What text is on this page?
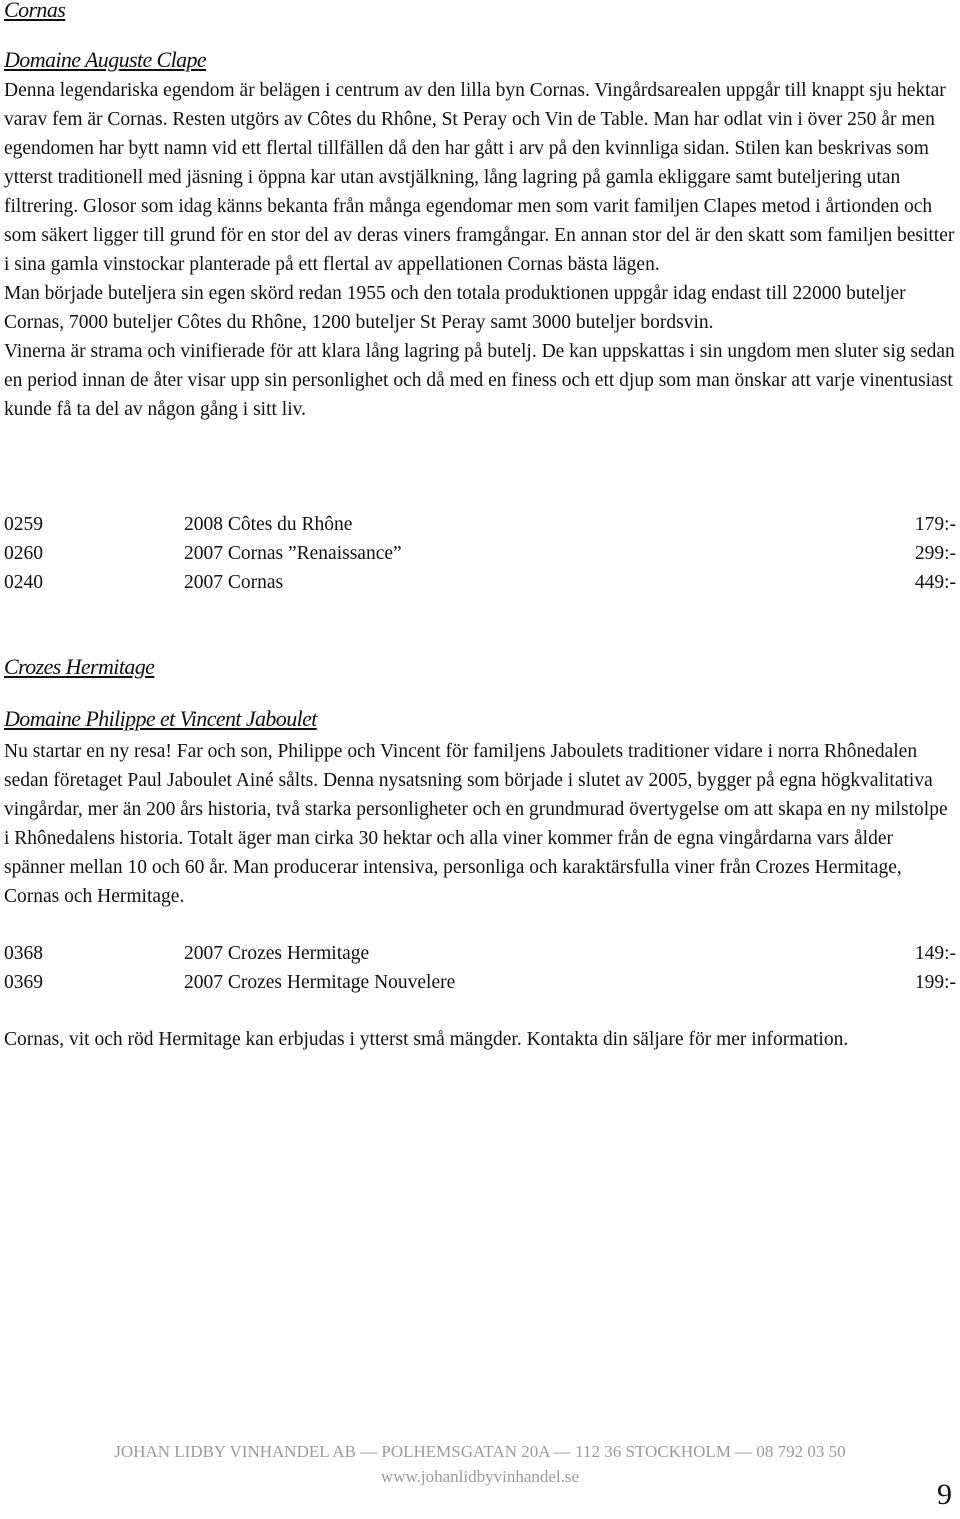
Cornas
Domaine Auguste Clape

Denna legendariska egendom är belägen i centrum av den lilla byn Cornas. Vingårdsarealen uppgår till knappt sju hektar varav fem är Cornas. Resten utgörs av Côtes du Rhône, St Peray och Vin de Table. Man har odlat vin i över 250 år men egendomen har bytt namn vid ett flertal tillfällen då den har gått i arv på den kvinnliga sidan. Stilen kan beskrivas som ytterst traditionell med jäsning i öppna kar utan avstjälkning, lång lagring på gamla ekliggare samt buteljering utan filtrering. Glosor som idag känns bekanta från många egendomar men som varit familjen Clapes metod i årtionden och som säkert ligger till grund för en stor del av deras viners framgångar. En annan stor del är den skatt som familjen besitter i sina gamla vinstockar planterade på ett flertal av appellationen Cornas bästa lägen.

Man började buteljera sin egen skörd redan 1955 och den totala produktionen uppgår idag endast till 22000 buteljer Cornas, 7000 buteljer Côtes du Rhône, 1200 buteljer St Peray samt 3000 buteljer bordsvin.

Vinerna är strama och vinifierade för att klara lång lagring på butelj. De kan uppskattas i sin ungdom men sluter sig sedan en period innan de åter visar upp sin personlighet och då med en finess och ett djup som man önskar att varje vinentusiast kunde få ta del av någon gång i sitt liv.

0259	2008 Côtes du Rhône	179:-
0260	2007 Cornas ”Renaissance”	299:-
0240	2007 Cornas	449:-
Crozes Hermitage
Domaine Philippe et Vincent Jaboulet

Nu startar en ny resa! Far och son, Philippe och Vincent för familjens Jaboulets traditioner vidare i norra Rhônedalen sedan företaget Paul Jaboulet Ainé sålts. Denna nysatsning som började i slutet av 2005, bygger på egna högkvalitativa vingårdar, mer än 200 års historia, två starka personligheter och en grundmurad övertygelse om att skapa en ny milstolpe i Rhônedalens historia. Totalt äger man cirka 30 hektar och alla viner kommer från de egna vingårdarna vars ålder spänner mellan 10 och 60 år. Man producerar intensiva, personliga och karaktärsfulla viner från Crozes Hermitage, Cornas och Hermitage.

0368	2007 Crozes Hermitage	149:-
0369	2007 Crozes Hermitage Nouvelere	199:-

Cornas, vit och röd Hermitage kan erbjudas i ytterst små mängder. Kontakta din säljare för mer information.

JOHAN LIDBY VINHANDEL AB — POLHEMSGATAN 20A — 112 36 STOCKHOLM — 08 792 03 50
www.johanlidbyvinhandel.se
9
